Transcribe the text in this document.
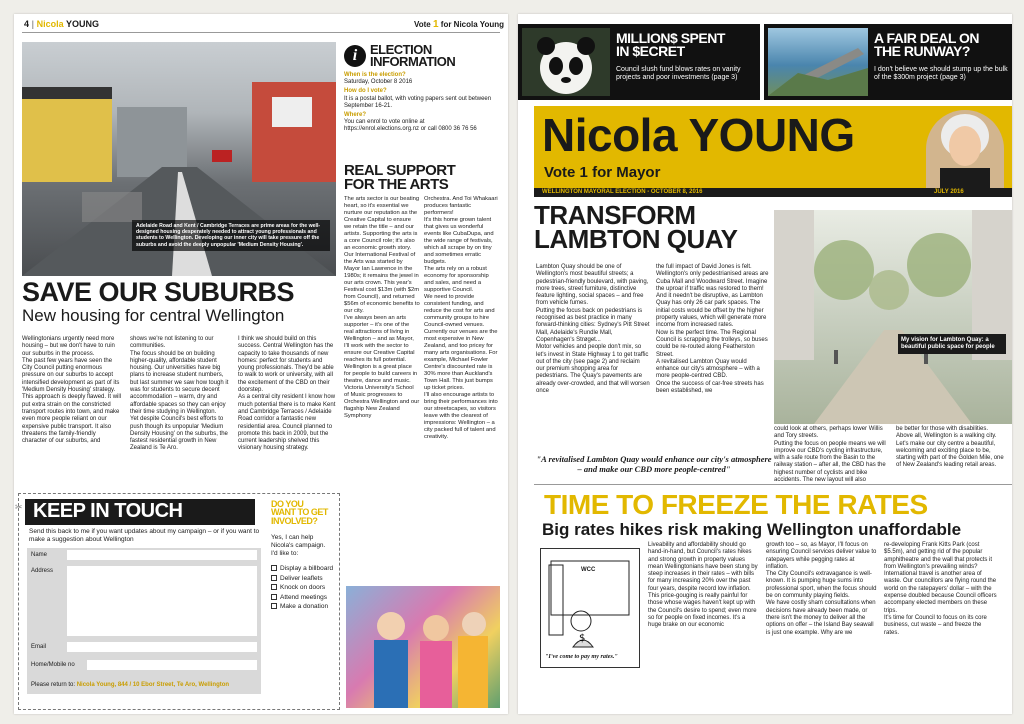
4 | Nicola YOUNG	Vote 1 for Nicola Young
Adelaide Road and Kent / Cambridge Terraces are prime areas for the well-designed housing desperately needed to attract young professionals and students to Wellington. Developing our inner city will take pressure off the suburbs and avoid the deeply unpopular 'Medium Density Housing'.
SAVE OUR SUBURBS
New housing for central Wellington
Wellingtonians urgently need more housing – but we don't have to ruin our suburbs in the process.
The past few years have seen the City Council putting enormous pressure on our suburbs to accept intensified development as part of its 'Medium Density Housing' strategy.
This approach is deeply flawed. It will put extra strain on the constricted transport routes into town, and make even more people reliant on our expensive public transport. It also threatens the family-friendly character of our suburbs, and
shows we're not listening to our communities.
The focus should be on building higher-quality, affordable student housing. Our universities have big plans to increase student numbers, but last summer we saw how tough it was for students to secure decent accommodation – warm, dry and affordable spaces so they can enjoy their time studying in Wellington.
Yet despite Council's best efforts to push though its unpopular 'Medium Density Housing' on the suburbs, the fastest residential growth in New Zealand is Te Aro.
I think we should build on this success. Central Wellington has the capacity to take thousands of new homes: perfect for students and young professionals. They'd be able to walk to work or university, with all the excitement of the CBD on their doorstep.
As a central city resident I know how much potential there is to make Kent and Cambridge Terraces / Adelaide Road corridor a fantastic new residential area. Council planned to promote this back in 2009, but the current leadership shelved this visionary housing strategy.
i ELECTION
INFORMATION
When is the election?
Saturday, October 8 2016
How do I vote?
It is a postal ballot, with voting papers sent out between September 16-21.
Where?
You can enrol to vote online at https://enrol.elections.org.nz or call 0800 36 76 56
REAL SUPPORT
FOR THE ARTS
The arts sector is our beating heart, so it's essential we nurture our reputation as the Creative Capital to ensure we retain the title – and our artists. Supporting the arts is a core Council role; it's also an economic growth story.
Our International Festival of the Arts was started by Mayor Ian Lawrence in the 1980s; it remains the jewel in our arts crown. This year's Festival cost $13m (with $2m from Council), and returned $56m of economic benefits to our city.
I've always been an arts supporter – it's one of the real attractions of living in Wellington – and as Mayor, I'll work with the sector to ensure our Creative Capital reaches its full potential.
Wellington is a great place for people to build careers in theatre, dance and music. Victoria University's School of Music progresses to Orchestra Wellington and our flagship New Zealand Symphony
Orchestra. And Toi Whakaari produces fantastic performers!
It's this home grown talent that gives us wonderful events like CubaDupa, and the wide range of festivals, which all scrape by on tiny and sometimes erratic budgets.
The arts rely on a robust economy for sponsorship and sales, and need a supportive Council.
We need to provide consistent funding, and reduce the cost for arts and community groups to hire Council-owned venues.
Currently our venues are the most expensive in New Zealand, and too pricey for many arts organisations. For example, Michael Fowler Centre's discounted rate is 30% more than Auckland's Town Hall. This just bumps up ticket prices.
I'll also encourage artists to bring their performances into our streetscapes, so visitors leave with the clearest of impressions: Wellington – a city packed full of talent and creativity.
✂ KEEP IN TOUCH
Send this back to me if you want updates about my campaign – or if you want to make a suggestion about Wellington
Name
Address
Email
Home/Mobile no
Please return to: Nicola Young, 844 / 10 Ebor Street, Te Aro, Wellington
DO YOU
WANT TO GET
INVOLVED?
Yes, I can help
Nicola's campaign.
I'd like to:
Display a billboard
Deliver leaflets
Knock on doors
Attend meetings
Make a donation
MILLION$ SPENT
IN $ECRET
Council slush fund blows rates on vanity projects and poor investments (page 3)
A FAIR DEAL ON
THE RUNWAY?
I don't believe we should stump up the bulk of the $300m project (page 3)
Nicola YOUNG
Vote 1 for Mayor
WELLINGTON MAYORAL ELECTION - OCTOBER 8, 2016	JULY 2016
TRANSFORM
LAMBTON QUAY
Lambton Quay should be one of Wellington's most beautiful streets; a pedestrian-friendly boulevard, with paving, more trees, street furniture, distinctive feature lighting, social spaces – and free from vehicle fumes.
Putting the focus back on pedestrians is recognised as best practice in many forward-thinking cities: Sydney's Pitt Street Mall, Adelaide's Rundle Mall, Copenhagen's Strøget...
Motor vehicles and people don't mix, so let's invest in State Highway 1 to get traffic out of the city (see page 2) and reclaim our premium shopping area for pedestrians. The Quay's pavements are already over-crowded, and that will worsen once
the full impact of David Jones is felt.
Wellington's only pedestrianised areas are Cuba Mall and Woodward Street. Imagine the uproar if traffic was restored to them!
And it needn't be disruptive, as Lambton Quay has only 26 car park spaces. The initial costs would be offset by the higher property values, which will generate more income from increased rates.
Now is the perfect time. The Regional Council is scrapping the trolleys, so buses could be re-routed along Featherston Street.
A revitalised Lambton Quay would enhance our city's atmosphere – with a more people-centred CBD.
Once the success of car-free streets has been established, we
My vision for Lambton Quay: a beautiful public space for people
could look at others, perhaps lower Willis and Tory streets.
Putting the focus on people means we will improve our CBD's cycling infrastructure, with a safe route from the Basin to the railway station – after all, the CBD has the highest number of cyclists and bike accidents. The new layout will also
be better for those with disabilities.
Above all, Wellington is a walking city. Let's make our city centre a beautiful, welcoming and exciting place to be, starting with part of the Golden Mile, one of New Zealand's leading retail areas.
"A revitalised Lambton Quay would enhance our city's atmosphere – and make our CBD more people-centred"
TIME TO FREEZE THE RATES
Big rates hikes risk making Wellington unaffordable
$
WCC
"I've come to pay my rates."
Liveability and affordability should go hand-in-hand, but Council's rates hikes and strong growth in property values mean Wellingtonians have been stung by steep increases in their rates – with bills for many increasing 20% over the past four years, despite record low inflation.
This price-gouging is really painful for those whose wages haven't kept up with the Council's desire to spend; even more so for people on fixed incomes. It's a huge brake on our economic
growth too – so, as Mayor, I'll focus on ensuring Council services deliver value to ratepayers while pegging rates at inflation.
The City Council's extravagance is well-known. It is pumping huge sums into professional sport, when the focus should be on community playing fields.
We have costly sham consultations when decisions have already been made, or there isn't the money to deliver all the options on offer – the Island Bay seawall is just one example. Why are we
re-developing Frank Kitts Park (cost $5.5m), and getting rid of the popular amphitheatre and the wall that protects it from Wellington's prevailing winds?
International travel is another area of waste. Our councillors are flying round the world on the ratepayers' dollar – with the expense doubled because Council officers accompany elected members on these trips.
It's time for Council to focus on its core business, cut waste – and freeze the rates.
